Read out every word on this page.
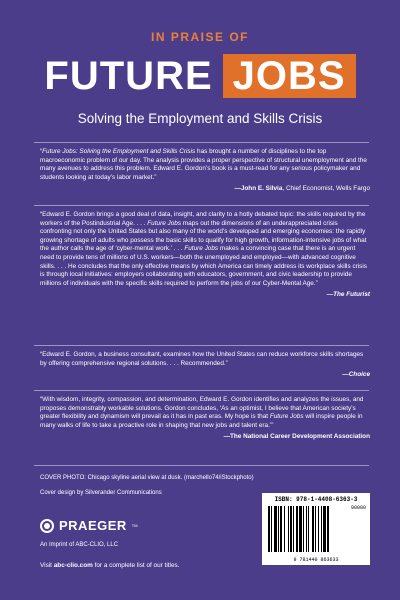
IN PRAISE OF
FUTURE JOBS
Solving the Employment and Skills Crisis

“Future Jobs: Solving the Employment and Skills Crisis has brought a number of disciplines to the top macroeconomic problem of our day. The analysis provides a proper perspective of structural unemployment and the many avenues to address this problem. Edward E. Gordon’s book is a must-read for any serious policymaker and students looking at today’s labor market.”

—John E. Silvia, Chief Economist, Wells Fargo

“Edward E. Gordon brings a good deal of data, insight, and clarity to a hotly debated topic: the skills required by the workers of the Postindustrial Age. . . . Future Jobs maps out the dimensions of an underappreciated crisis confronting not only the United States but also many of the world’s developed and emerging economies: the rapidly growing shortage of adults who possess the basic skills to qualify for high growth, information-intensive jobs of what the author calls the age of ‘cyber-mental work.’ . . . Future Jobs makes a convincing case that there is an urgent need to provide tens of millions of U.S. workers—both the unemployed and employed—with advanced cognitive skills. . . . He concludes that the only effective means by which America can timely address its workplace skills crisis is through local initiatives: employers collaborating with educators, government, and civic leadership to provide millions of individuals with the specific skills required to perform the jobs of our Cyber-Mental Age.”

—The Futurist

“Edward E. Gordon, a business consultant, examines how the United States can reduce workforce skills shortages by offering comprehensive regional solutions. . . . Recommended.”

—Choice

“With wisdom, integrity, compassion, and determination, Edward E. Gordon identifies and analyzes the issues, and proposes demonstrably workable solutions. Gordon concludes, ‘As an optimist, I believe that American society’s greater flexibility and dynamism will prevail as it has in past eras. My hope is that Future Jobs will inspire people in many walks of life to take a proactive role in shaping that new jobs and talent era.’”

—The National Career Development Association
COVER PHOTO: Chicago skyline aerial view at dusk. (marchello74/iStockphoto)
Cover design by Silverander Communications
PRAEGER TM
An Imprint of ABC-CLIO, LLC
Visit abc-clio.com for a complete list of our titles.
ISBN: 978-1-4408-6363-3
90000
9 781440 863633
